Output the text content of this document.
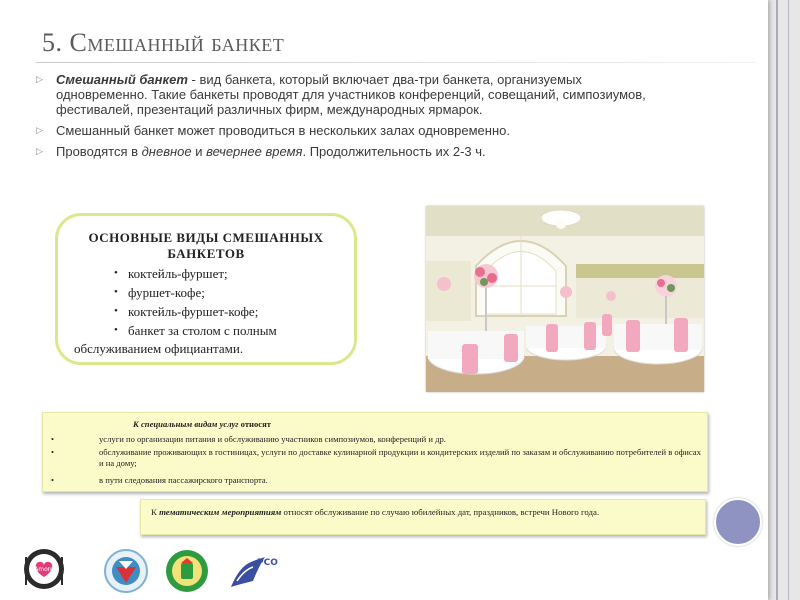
5. Смешанный банкет
▷ Смешанный банкет - вид банкета, который включает два-три банкета, организуемых одновременно. Такие банкеты проводят для участников конференций, совещаний, симпозиумов, фестивалей, презентаций различных фирм, международных ярмарок.
▷ Смешанный банкет может проводиться в нескольких залах одновременно.
▷ Проводятся в дневное и вечернее время. Продолжительность их 2-3 ч.
ОСНОВНЫЕ ВИДЫ СМЕШАННЫХ
БАНКЕТОВ
• коктейль-фуршет;
• фуршет-кофе;
• коктейль-фуршет-кофе;
• банкет за столом с полным
обслуживанием официантами.
К специальным видам услуг относят
•	услуги по организации питания и обслуживанию участников симпозиумов, конференций и др.
•	обслуживание проживающих в гостиницах, услуги по доставке кулинарной продукции и кондитерских изделий по заказам и обслуживанию потребителей в офисах и на дому;
•	в пути следования пассажирского транспорта.
К тематическим мероприятиям относят обслуживание по случаю юбилейных дат, праздников, встречи Нового года.
Amore
РСО
